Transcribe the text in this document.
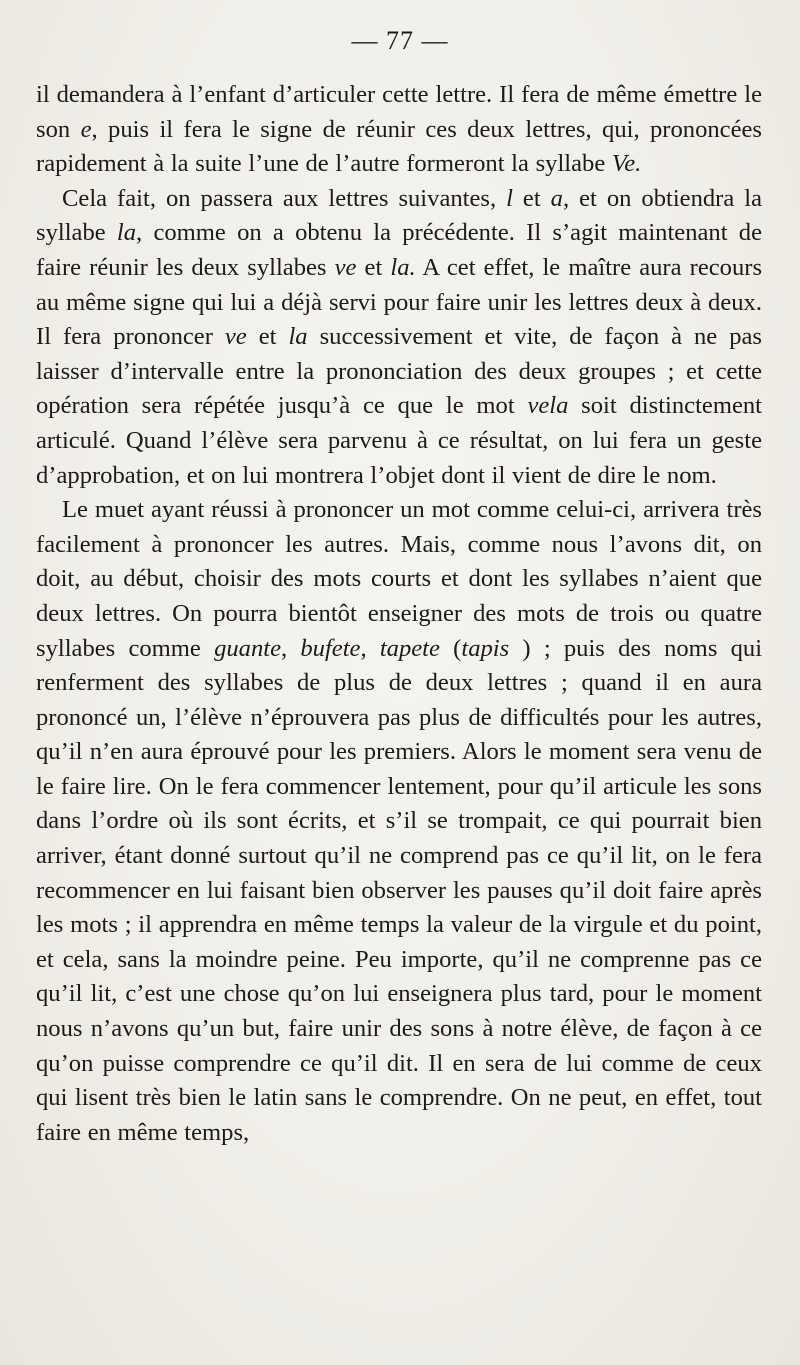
— 77 —

il demandera à l’enfant d’articuler cette lettre. Il fera de même émettre le son e, puis il fera le signe de réunir ces deux lettres, qui, prononcées rapidement à la suite l’une de l’autre formeront la syllabe Ve.

Cela fait, on passera aux lettres suivantes, l et a, et on obtiendra la syllabe la, comme on a obtenu la précédente. Il s’agit maintenant de faire réunir les deux syllabes ve et la. A cet effet, le maître aura recours au même signe qui lui a déjà servi pour faire unir les lettres deux à deux. Il fera prononcer ve et la successivement et vite, de façon à ne pas laisser d’intervalle entre la prononciation des deux groupes ; et cette opération sera répétée jusqu’à ce que le mot vela soit distinctement articulé. Quand l’élève sera parvenu à ce résultat, on lui fera un geste d’approbation, et on lui montrera l’objet dont il vient de dire le nom.

Le muet ayant réussi à prononcer un mot comme celui-ci, arrivera très facilement à prononcer les autres. Mais, comme nous l’avons dit, on doit, au début, choisir des mots courts et dont les syllabes n’aient que deux lettres. On pourra bientôt enseigner des mots de trois ou quatre syllabes comme guante, bufete, tapete (tapis ) ; puis des noms qui renferment des syllabes de plus de deux lettres ; quand il en aura prononcé un, l’élève n’éprouvera pas plus de difficultés pour les autres, qu’il n’en aura éprouvé pour les premiers. Alors le moment sera venu de le faire lire. On le fera commencer lentement, pour qu’il articule les sons dans l’ordre où ils sont écrits, et s’il se trompait, ce qui pourrait bien arriver, étant donné surtout qu’il ne comprend pas ce qu’il lit, on le fera recommencer en lui faisant bien observer les pauses qu’il doit faire après les mots ; il apprendra en même temps la valeur de la virgule et du point, et cela, sans la moindre peine. Peu importe, qu’il ne comprenne pas ce qu’il lit, c’est une chose qu’on lui enseignera plus tard, pour le moment nous n’avons qu’un but, faire unir des sons à notre élève, de façon à ce qu’on puisse comprendre ce qu’il dit. Il en sera de lui comme de ceux qui lisent très bien le latin sans le comprendre. On ne peut, en effet, tout faire en même temps,
